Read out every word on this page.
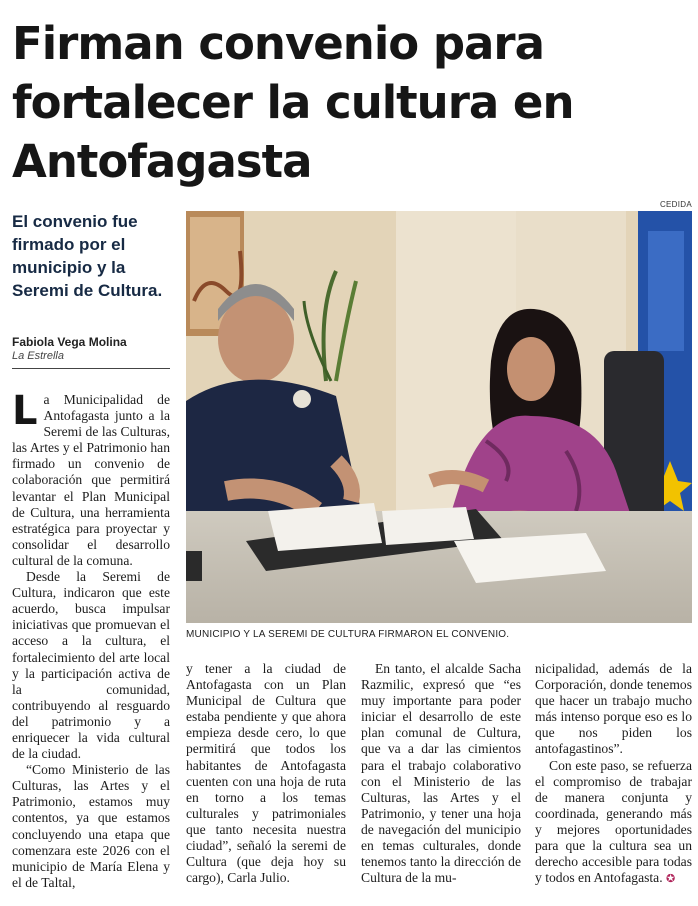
Firman convenio para fortalecer la cultura en Antofagasta
CEDIDA
El convenio fue firmado por el municipio y la Seremi de Cultura.
Fabiola Vega Molina
La Estrella
MUNICIPIO Y LA SEREMI DE CULTURA FIRMARON EL CONVENIO.

La Municipalidad de Antofagasta junto a la Seremi de las Culturas, las Artes y el Patrimonio han firmado un convenio de colaboración que permitirá levantar el Plan Municipal de Cultura, una herramienta estratégica para proyectar y consolidar el desarrollo cultural de la comuna.

Desde la Seremi de Cultura, indicaron que este acuerdo, busca impulsar iniciativas que promuevan el acceso a la cultura, el fortalecimiento del arte local y la participación activa de la comunidad, contribuyendo al resguardo del patrimonio y a enriquecer la vida cultural de la ciudad.

“Como Ministerio de las Culturas, las Artes y el Patrimonio, estamos muy contentos, ya que estamos concluyendo una etapa que comenzara este 2026 con el municipio de María Elena y el de Taltal,

y tener a la ciudad de Antofagasta con un Plan Municipal de Cultura que estaba pendiente y que ahora empieza desde cero, lo que permitirá que todos los habitantes de Antofagasta cuenten con una hoja de ruta en torno a los temas culturales y patrimoniales que tanto necesita nuestra ciudad”, señaló la seremi de Cultura (que deja hoy su cargo), Carla Julio.

En tanto, el alcalde Sacha Razmilic, expresó que “es muy importante para poder iniciar el desarrollo de este plan comunal de Cultura, que va a dar las cimientos para el trabajo colaborativo con el Ministerio de las Culturas, las Artes y el Patrimonio, y tener una hoja de navegación del municipio en temas culturales, donde tenemos tanto la dirección de Cultura de la mu-

nicipalidad, además de la Corporación, donde tenemos que hacer un trabajo mucho más intenso porque eso es lo que nos piden los antofagastinos”.

Con este paso, se refuerza el compromiso de trabajar de manera conjunta y coordinada, generando más y mejores oportunidades para que la cultura sea un derecho accesible para todas y todos en Antofagasta. ✪
